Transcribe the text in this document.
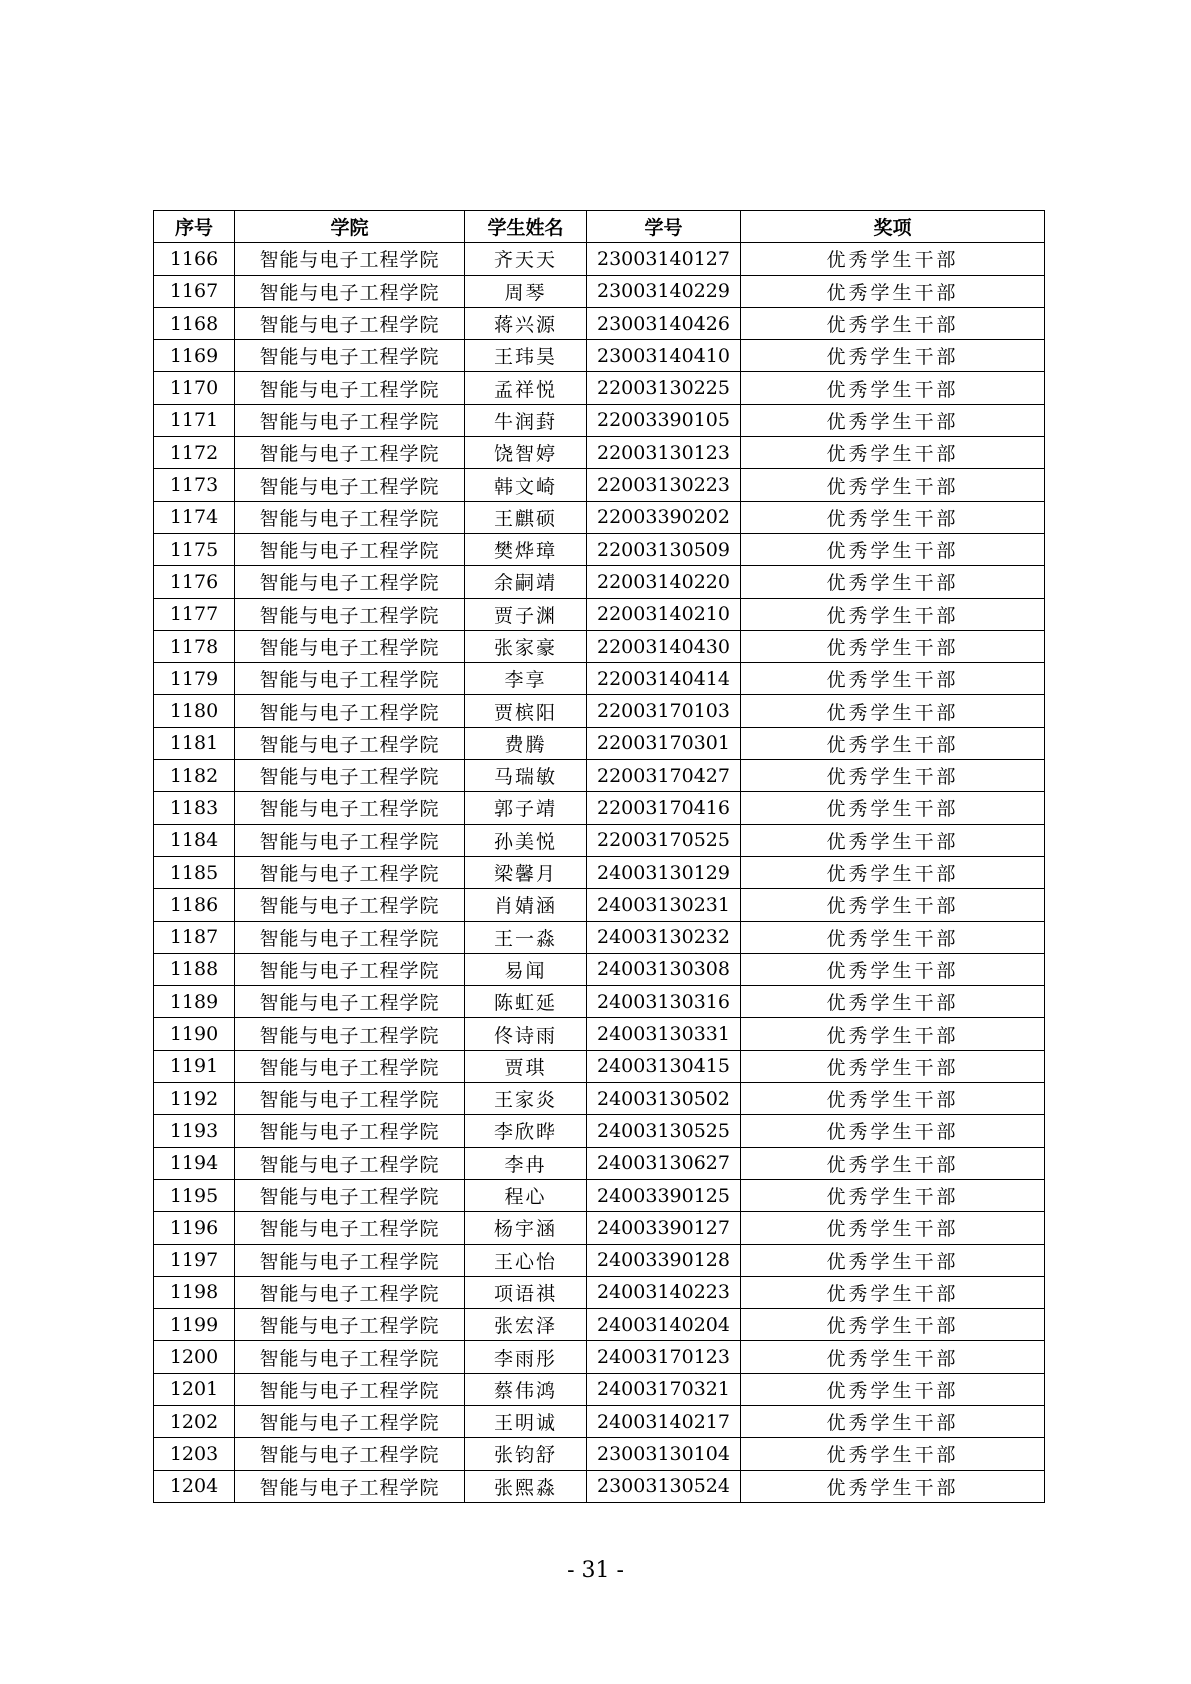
序号	学院	学生姓名	学号	奖项
1166	智能与电子工程学院	齐天天	23003140127	优秀学生干部
1167	智能与电子工程学院	周琴	23003140229	优秀学生干部
1168	智能与电子工程学院	蒋兴源	23003140426	优秀学生干部
1169	智能与电子工程学院	王玮昊	23003140410	优秀学生干部
1170	智能与电子工程学院	孟祥悦	22003130225	优秀学生干部
1171	智能与电子工程学院	牛润葑	22003390105	优秀学生干部
1172	智能与电子工程学院	饶智婷	22003130123	优秀学生干部
1173	智能与电子工程学院	韩文崎	22003130223	优秀学生干部
1174	智能与电子工程学院	王麒硕	22003390202	优秀学生干部
1175	智能与电子工程学院	樊烨璋	22003130509	优秀学生干部
1176	智能与电子工程学院	余嗣靖	22003140220	优秀学生干部
1177	智能与电子工程学院	贾子渊	22003140210	优秀学生干部
1178	智能与电子工程学院	张家豪	22003140430	优秀学生干部
1179	智能与电子工程学院	李享	22003140414	优秀学生干部
1180	智能与电子工程学院	贾槟阳	22003170103	优秀学生干部
1181	智能与电子工程学院	费腾	22003170301	优秀学生干部
1182	智能与电子工程学院	马瑞敏	22003170427	优秀学生干部
1183	智能与电子工程学院	郭子靖	22003170416	优秀学生干部
1184	智能与电子工程学院	孙美悦	22003170525	优秀学生干部
1185	智能与电子工程学院	梁馨月	24003130129	优秀学生干部
1186	智能与电子工程学院	肖婧涵	24003130231	优秀学生干部
1187	智能与电子工程学院	王一淼	24003130232	优秀学生干部
1188	智能与电子工程学院	易闻	24003130308	优秀学生干部
1189	智能与电子工程学院	陈虹延	24003130316	优秀学生干部
1190	智能与电子工程学院	佟诗雨	24003130331	优秀学生干部
1191	智能与电子工程学院	贾琪	24003130415	优秀学生干部
1192	智能与电子工程学院	王家炎	24003130502	优秀学生干部
1193	智能与电子工程学院	李欣晔	24003130525	优秀学生干部
1194	智能与电子工程学院	李冉	24003130627	优秀学生干部
1195	智能与电子工程学院	程心	24003390125	优秀学生干部
1196	智能与电子工程学院	杨宇涵	24003390127	优秀学生干部
1197	智能与电子工程学院	王心怡	24003390128	优秀学生干部
1198	智能与电子工程学院	项语祺	24003140223	优秀学生干部
1199	智能与电子工程学院	张宏泽	24003140204	优秀学生干部
1200	智能与电子工程学院	李雨彤	24003170123	优秀学生干部
1201	智能与电子工程学院	蔡伟鸿	24003170321	优秀学生干部
1202	智能与电子工程学院	王明诚	24003140217	优秀学生干部
1203	智能与电子工程学院	张钧舒	23003130104	优秀学生干部
1204	智能与电子工程学院	张熙淼	23003130524	优秀学生干部
- 31 -
